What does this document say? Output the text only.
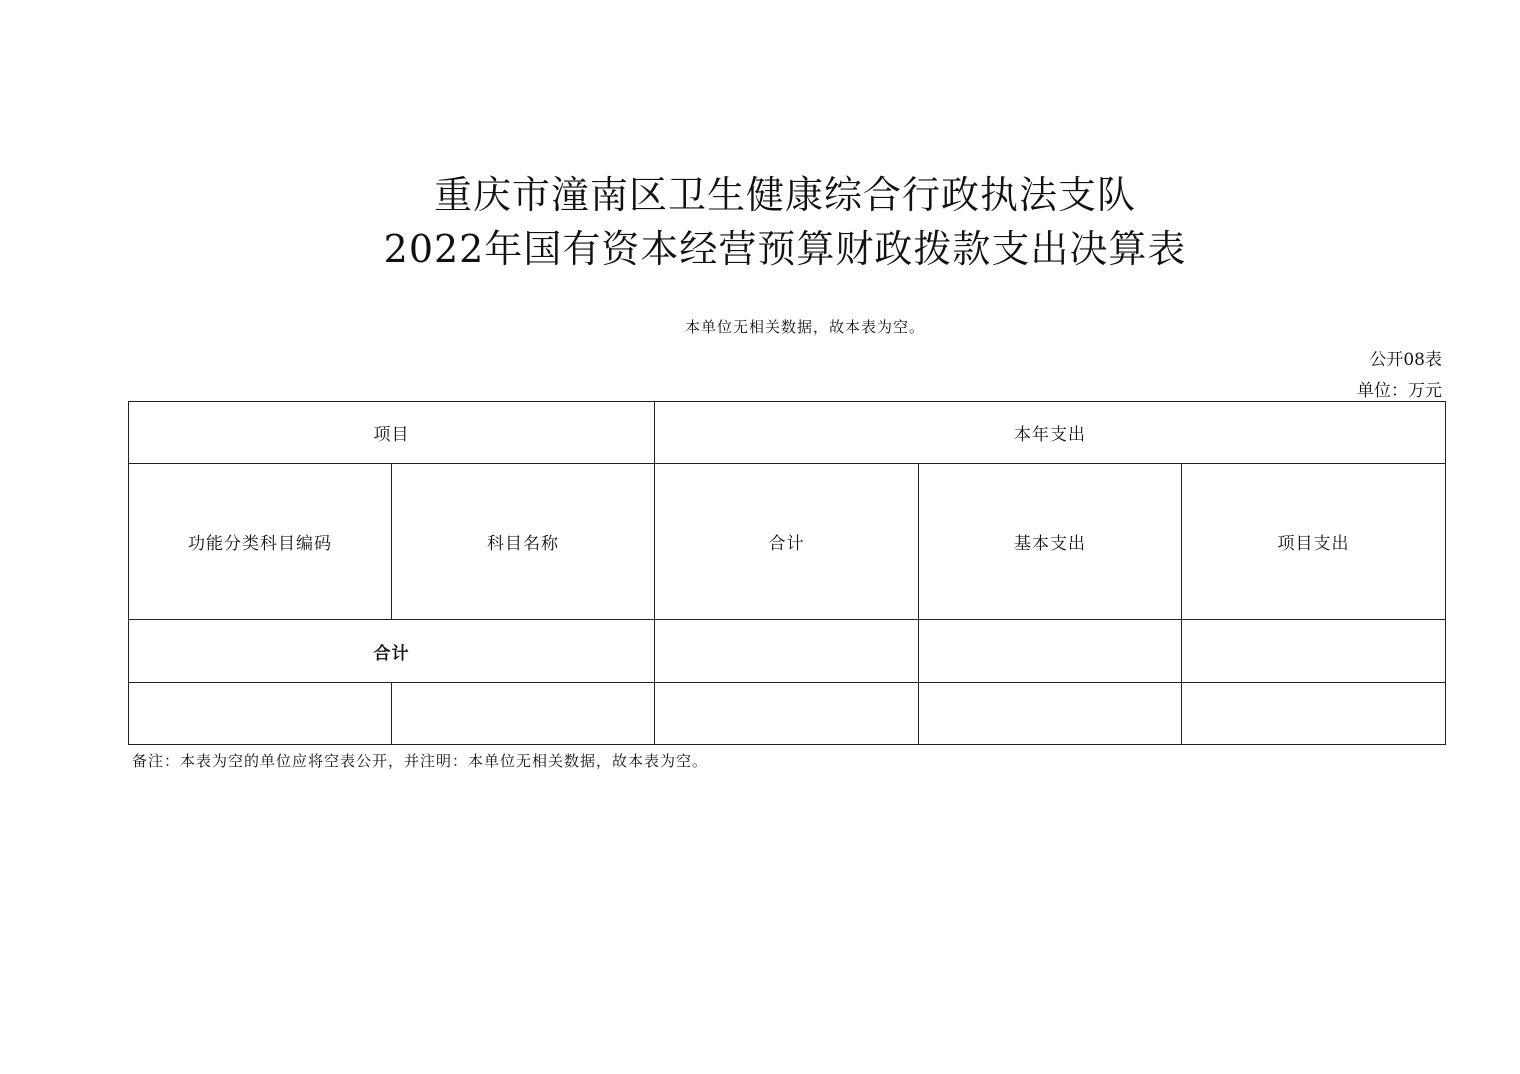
重庆市潼南区卫生健康综合行政执法支队
2022年国有资本经营预算财政拨款支出决算表
本单位无相关数据，故本表为空。
公开08表
单位：万元
项目		本年支出		
功能分类科目编码	科目名称	合计	基本支出	项目支出
合计				

备注：本表为空的单位应将空表公开，并注明：本单位无相关数据，故本表为空。
